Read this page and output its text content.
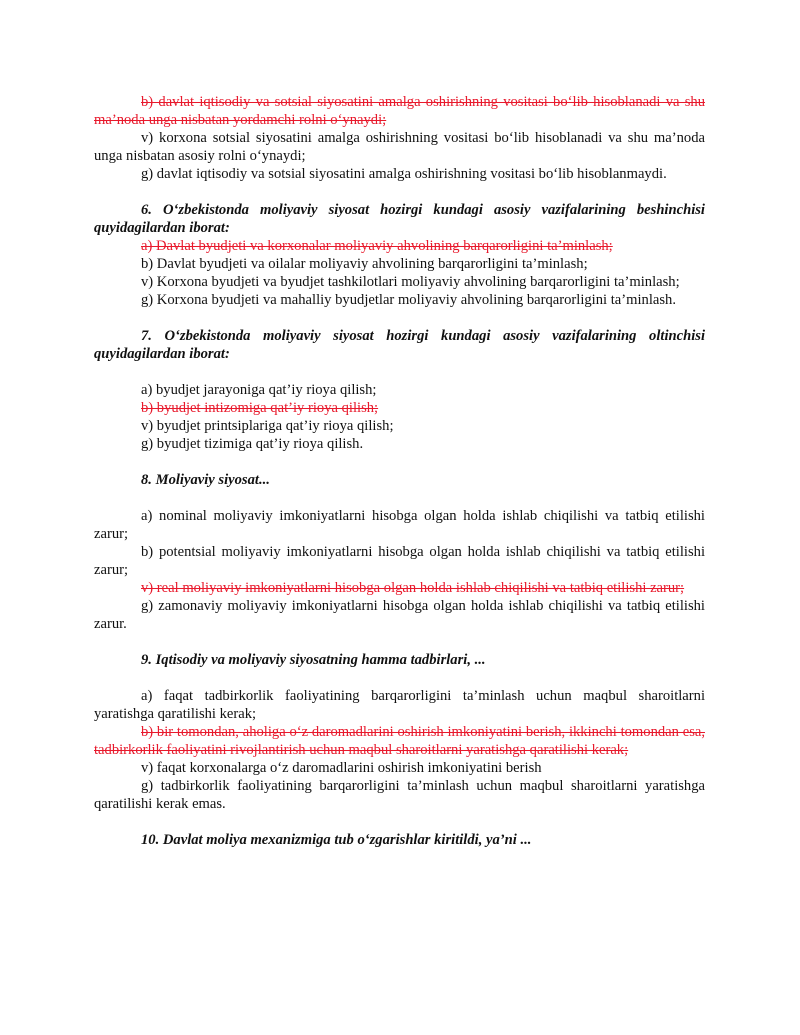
b) davlat iqtisodiy va sotsial siyosatini amalga oshirishning vositasi bo‘lib hisoblanadi va shu ma’noda unga nisbatan yordamchi rolni o‘ynaydi;

v) korxona sotsial siyosatini amalga oshirishning vositasi bo‘lib hisoblanadi va shu ma’noda unga nisbatan asosiy rolni o‘ynaydi;

g) davlat iqtisodiy va sotsial siyosatini amalga oshirishning vositasi bo‘lib hisoblanmaydi.

6. O‘zbekistonda moliyaviy siyosat hozirgi kundagi asosiy vazifalarining beshinchisi quyidagilardan iborat:

a) Davlat byudjeti va korxonalar moliyaviy ahvolining barqarorligini ta’minlash;

b) Davlat byudjeti va oilalar moliyaviy ahvolining barqarorligini ta’minlash;

v) Korxona byudjeti va byudjet tashkilotlari moliyaviy ahvolining barqarorligini ta’minlash;

g) Korxona byudjeti va mahalliy byudjetlar moliyaviy ahvolining barqarorligini ta’minlash.

7. O‘zbekistonda moliyaviy siyosat hozirgi kundagi asosiy vazifalarining oltinchisi quyidagilardan iborat:

a) byudjet jarayoniga qat’iy rioya qilish;

b) byudjet intizomiga qat’iy rioya qilish;

v) byudjet printsiplariga qat’iy rioya qilish;

g) byudjet tizimiga qat’iy rioya qilish.

8. Moliyaviy siyosat...

a) nominal moliyaviy imkoniyatlarni hisobga olgan holda ishlab chiqilishi va tatbiq etilishi zarur;

b) potentsial moliyaviy imkoniyatlarni hisobga olgan holda ishlab chiqilishi va tatbiq etilishi zarur;

v) real moliyaviy imkoniyatlarni hisobga olgan holda ishlab chiqilishi va tatbiq etilishi zarur;

g) zamonaviy moliyaviy imkoniyatlarni hisobga olgan holda ishlab chiqilishi va tatbiq etilishi zarur.

9. Iqtisodiy va moliyaviy siyosatning hamma tadbirlari, ...

a) faqat tadbirkorlik faoliyatining barqarorligini ta’minlash uchun maqbul sharoitlarni yaratishga qaratilishi kerak;

b) bir tomondan, aholiga o‘z daromadlarini oshirish imkoniyatini berish, ikkinchi tomondan esa, tadbirkorlik faoliyatini rivojlantirish uchun maqbul sharoitlarni yaratishga qaratilishi kerak;

v) faqat korxonalarga o‘z daromadlarini oshirish imkoniyatini berish

g) tadbirkorlik faoliyatining barqarorligini ta’minlash uchun maqbul sharoitlarni yaratishga qaratilishi kerak emas.

10. Davlat moliya mexanizmiga tub o‘zgarishlar kiritildi, ya’ni ...
